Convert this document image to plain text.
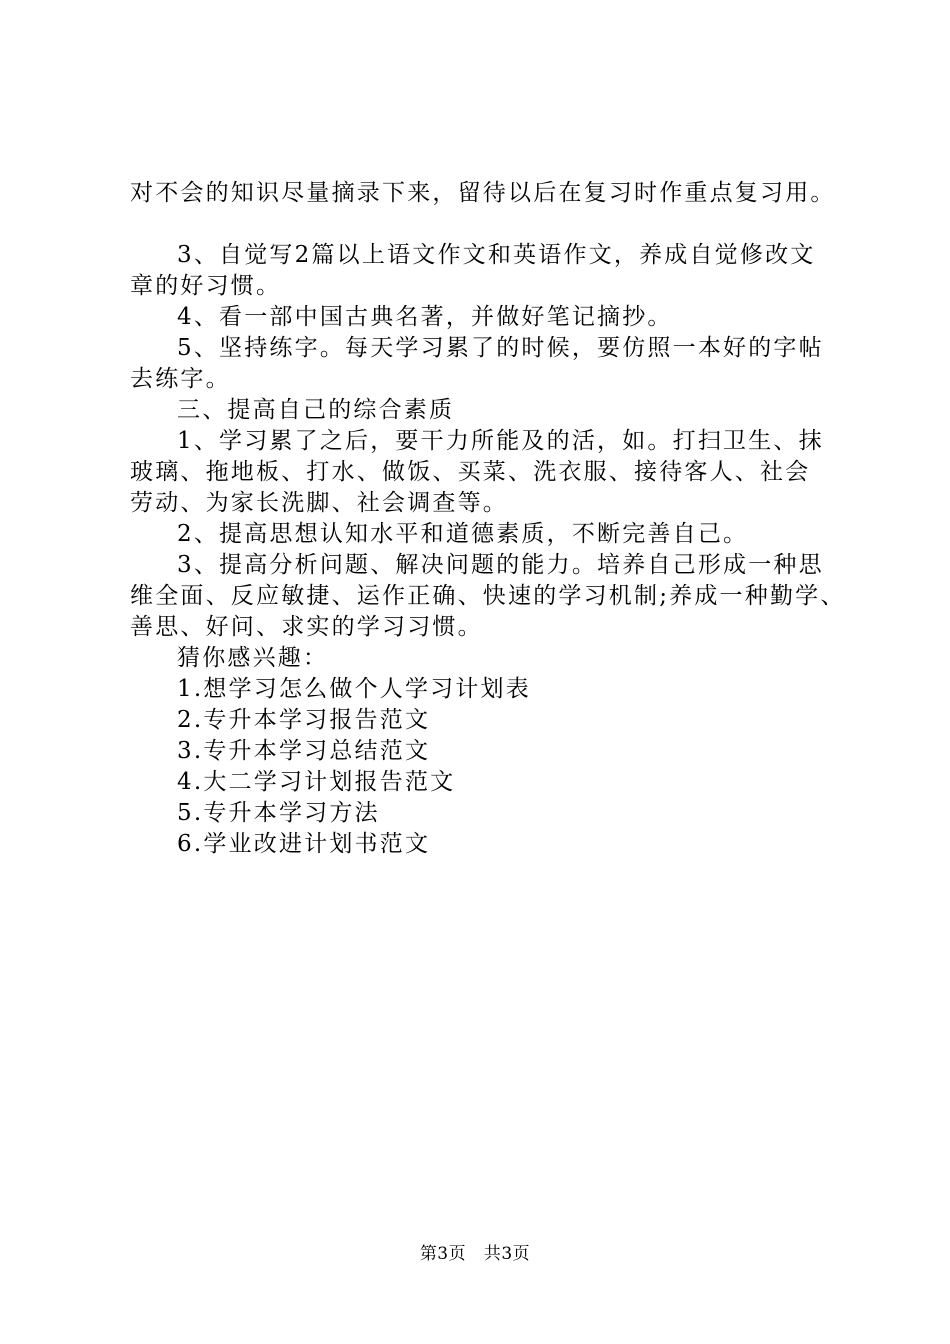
对不会的知识尽量摘录下来，留待以后在复习时作重点复习用。
3、自觉写2篇以上语文作文和英语作文，养成自觉修改文
章的好习惯。
4、看一部中国古典名著，并做好笔记摘抄。
5、坚持练字。每天学习累了的时候，要仿照一本好的字帖
去练字。
三、提高自己的综合素质
1、学习累了之后，要干力所能及的活，如。打扫卫生、抹
玻璃、拖地板、打水、做饭、买菜、洗衣服、接待客人、社会
劳动、为家长洗脚、社会调查等。
2、提高思想认知水平和道德素质，不断完善自己。
3、提高分析问题、解决问题的能力。培养自己形成一种思
维全面、反应敏捷、运作正确、快速的学习机制;养成一种勤学、
善思、好问、求实的学习习惯。
猜你感兴趣：
1.想学习怎么做个人学习计划表
2.专升本学习报告范文
3.专升本学习总结范文
4.大二学习计划报告范文
5.专升本学习方法
6.学业改进计划书范文
第3页 共3页
